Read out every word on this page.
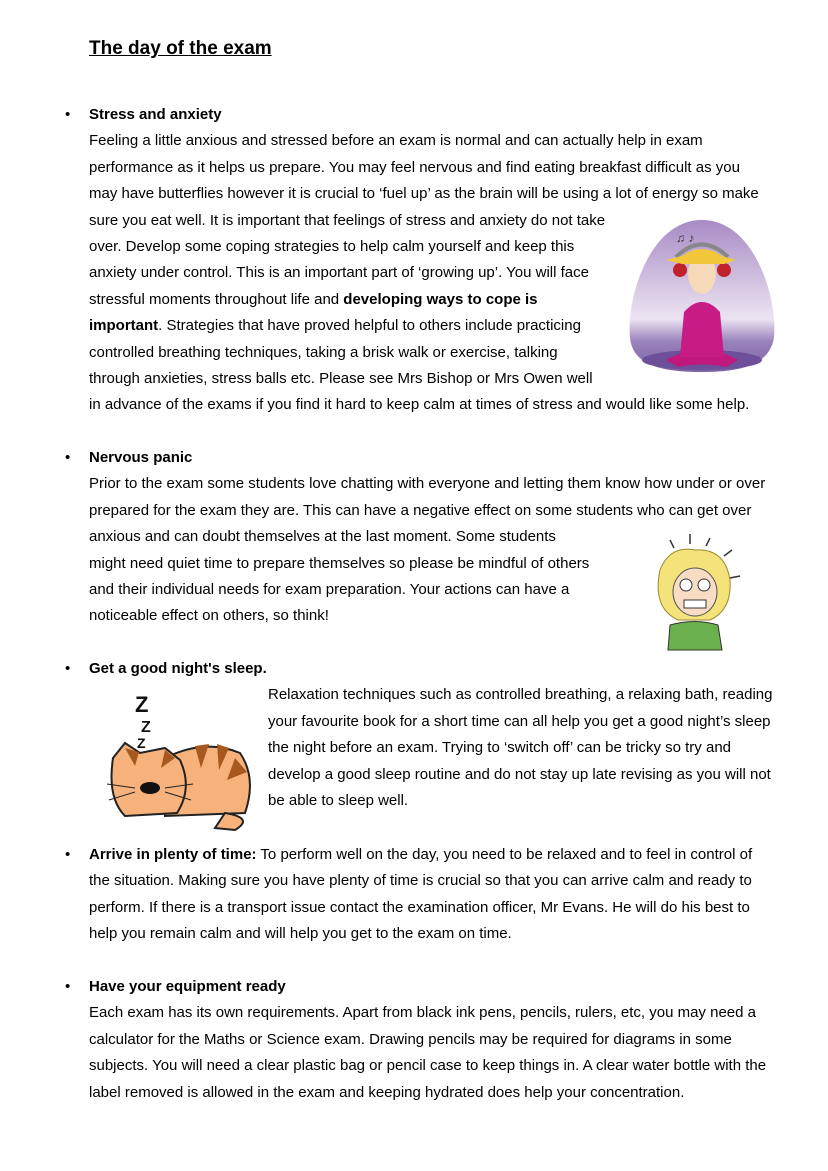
The day of the exam
• Stress and anxiety
Feeling a little anxious and stressed before an exam is normal and can actually help in exam
performance as it helps us prepare. You may feel nervous and find eating breakfast difficult as you
may have butterflies however it is crucial to ‘fuel up’ as the brain will be using a lot of energy so make
sure you eat well. It is important that feelings of stress and anxiety do not take
over. Develop some coping strategies to help calm yourself and keep this
anxiety under control. This is an important part of ‘growing up’. You will face
stressful moments throughout life and developing ways to cope is
important. Strategies that have proved helpful to others include practicing
controlled breathing techniques, taking a brisk walk or exercise, talking
through anxieties, stress balls etc. Please see Mrs Bishop or Mrs Owen well
in advance of the exams if you find it hard to keep calm at times of stress and would like some help.
• Nervous panic
Prior to the exam some students love chatting with everyone and letting them know how under or over
prepared for the exam they are. This can have a negative effect on some students who can get over
anxious and can doubt themselves at the last moment. Some students
might need quiet time to prepare themselves so please be mindful of others
and their individual needs for exam preparation. Your actions can have a
noticeable effect on others, so think!
• Get a good night's sleep.
Relaxation techniques such as controlled breathing, a relaxing bath, reading
your favourite book for a short time can all help you get a good night’s sleep
the night before an exam. Trying to ‘switch off’ can be tricky so try and
develop a good sleep routine and do not stay up late revising as you will not
be able to sleep well.
• Arrive in plenty of time: To perform well on the day, you need to be relaxed and to feel in control of
the situation. Making sure you have plenty of time is crucial so that you can arrive calm and ready to
perform. If there is a transport issue contact the examination officer, Mr Evans. He will do his best to
help you remain calm and will help you get to the exam on time.
• Have your equipment ready
Each exam has its own requirements. Apart from black ink pens, pencils, rulers, etc, you may need a
calculator for the Maths or Science exam. Drawing pencils may be required for diagrams in some
subjects. You will need a clear plastic bag or pencil case to keep things in. A clear water bottle with the
label removed is allowed in the exam and keeping hydrated does help your concentration.
♫ ♪
Z
Z
Z
